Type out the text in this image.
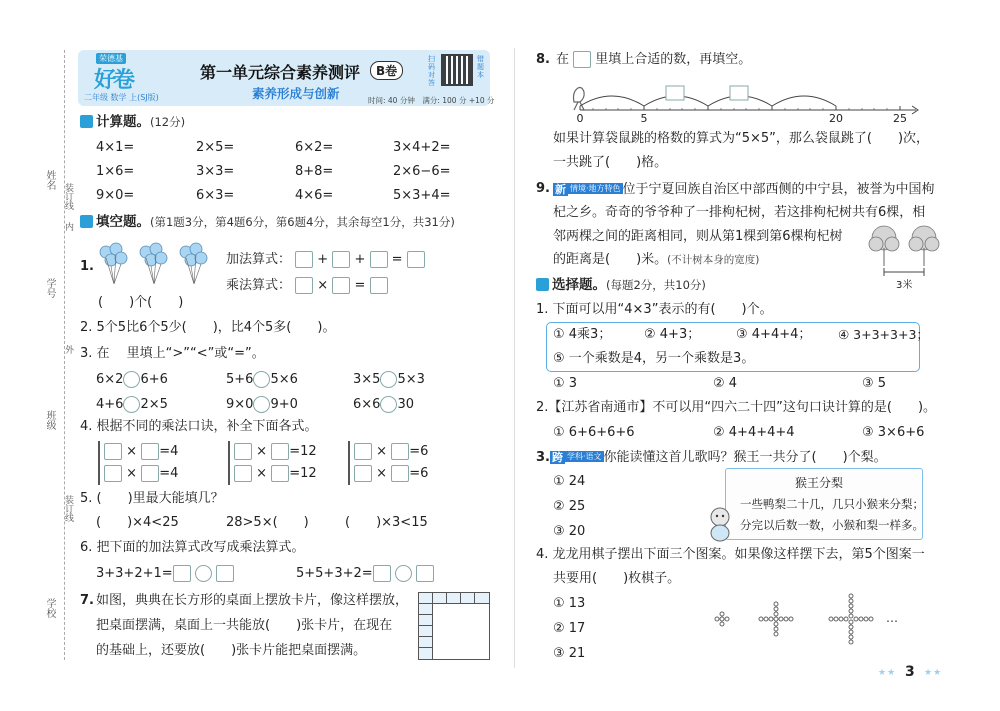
姓名
学号
班级
学校
装订线
内
外
装订线
荣德基
好卷
二年级 数学 上(SJ版)
第一单元综合素养测评	B卷
素养形成与创新
扫码对答
错题本
时间: 40 分钟　满分: 100 分 +10 分
计算题。(12分)
4×1=	2×5=	6×2=	3×4+2=
1×6=	3×3=	8+8=	2×6−6=
9×0=	6×3=	4×6=	5×3+4=
填空题。(第1题3分，第4题6分，第6题4分，其余每空1分，共31分)
1.
(　　)个(　　)
加法算式： + + =
乘法算式： × =
2. 5个5比6个5少(　　)，比4个5多(　　)。
3. 在　 里填上“>”“<”或“=”。
6×2 6+6	5+6 5×6	3×5 5×3
4+6 2×5	9×0 9+0	6×6 30
4. 根据不同的乘法口诀，补全下面各式。
× =4
× =4
× =12
× =12
× =6
× =6
5. (　　)里最大能填几？
(　　)×4<25	28>5×(　　)	(　　)×3<15
6. 把下面的加法算式改写成乘法算式。
3+3+2+1=	5+5+3+2=
7. 如图，典典在长方形的桌面上摆放卡片，像这样摆放，
把桌面摆满，桌面上一共能放(　　)张卡片，在现在
的基础上，还要放(　　)张卡片能把桌面摆满。
8. 在 里填上合适的数，再填空。
0	5	20	25
如果计算袋鼠跳的格数的算式为“5×5”，那么袋鼠跳了(　　)次，
一共跳了(　　)格。
9. 新 情境·地方特色 位于宁夏回族自治区中部西侧的中宁县，被誉为中国枸
杞之乡。奇奇的爷爷种了一排枸杞树，若这排枸杞树共有6棵，相
邻两棵之间的距离相同，则从第1棵到第6棵枸杞树
的距离是(　　)米。(不计树本身的宽度)
3米
选择题。(每题2分，共10分)
1. 下面可以用“4×3”表示的有(　　)个。
① 4乘3；	② 4+3；	③ 4+4+4； ④ 3+3+3+3；
⑤ 一个乘数是4，另一个乘数是3。
① 3	② 4	③ 5
2.【江苏省南通市】不可以用“四六二十四”这句口诀计算的是(　　)。
① 6+6+6+6	② 4+4+4+4	③ 3×6+6
3. 跨 学科·语文 你能读懂这首儿歌吗？猴王一共分了(　　)个梨。
① 24
② 25
③ 20
猴王分梨
一些鸭梨二十几，几只小猴来分梨；
分完以后数一数，小猴和梨一样多。
4. 龙龙用棋子摆出下面三个图案。如果像这样摆下去，第5个图案一
共要用(　　)枚棋子。
① 13
② 17
③ 21
…
★★ 3 ★★
